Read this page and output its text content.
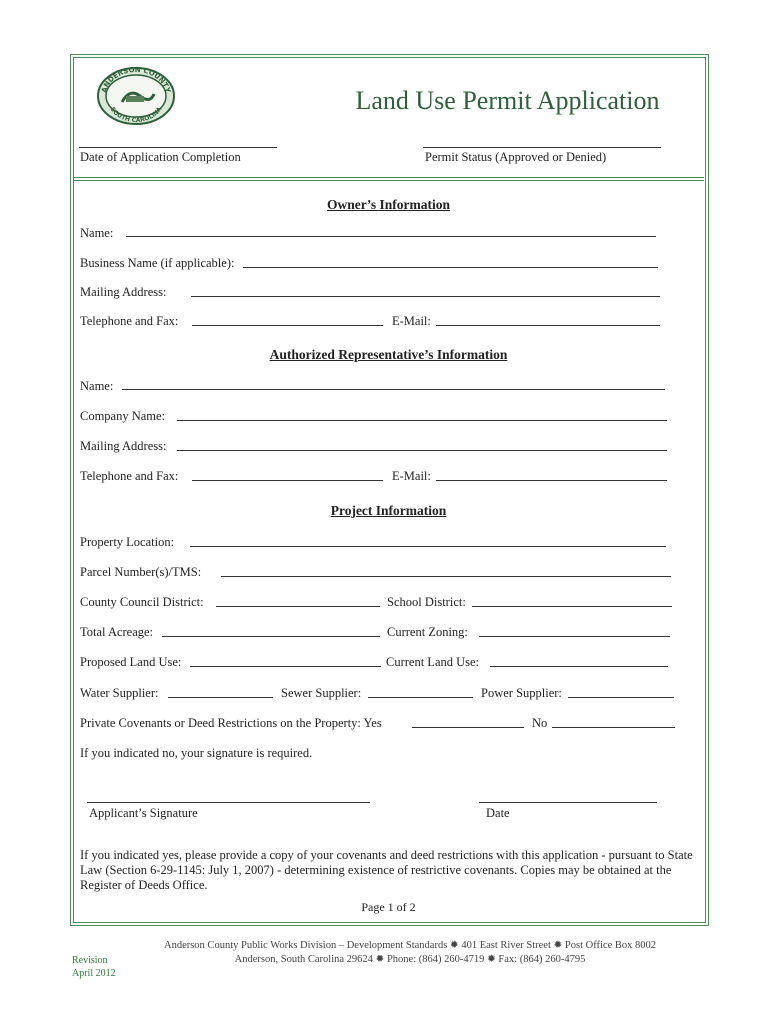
ANDERSON COUNTY
SOUTH CAROLINA	Land Use Permit Application
Date of Application Completion	Permit Status (Approved or Denied)
Owner’s Information
Name:
Business Name (if applicable):
Mailing Address:
Telephone and Fax:	E-Mail:
Authorized Representative’s Information
Name:
Company Name:
Mailing Address:
Telephone and Fax:	E-Mail:
Project Information
Property Location:
Parcel Number(s)/TMS:
County Council District:	School District:
Total Acreage:	Current Zoning:
Proposed Land Use:	Current Land Use:
Water Supplier:	Sewer Supplier:	Power Supplier:
Private Covenants or Deed Restrictions on the Property: Yes	No
If you indicated no, your signature is required.
Applicant’s Signature	Date
If you indicated yes, please provide a copy of your covenants and deed restrictions with this application - pursuant to State Law (Section 6-29-1145: July 1, 2007) - determining existence of restrictive covenants. Copies may be obtained at the Register of Deeds Office.
Page 1 of 2
Anderson County Public Works Division – Development Standards ✹ 401 East River Street ✹ Post Office Box 8002
Anderson, South Carolina 29624 ✹ Phone: (864) 260-4719 ✹ Fax: (864) 260-4795
Revision
April 2012
